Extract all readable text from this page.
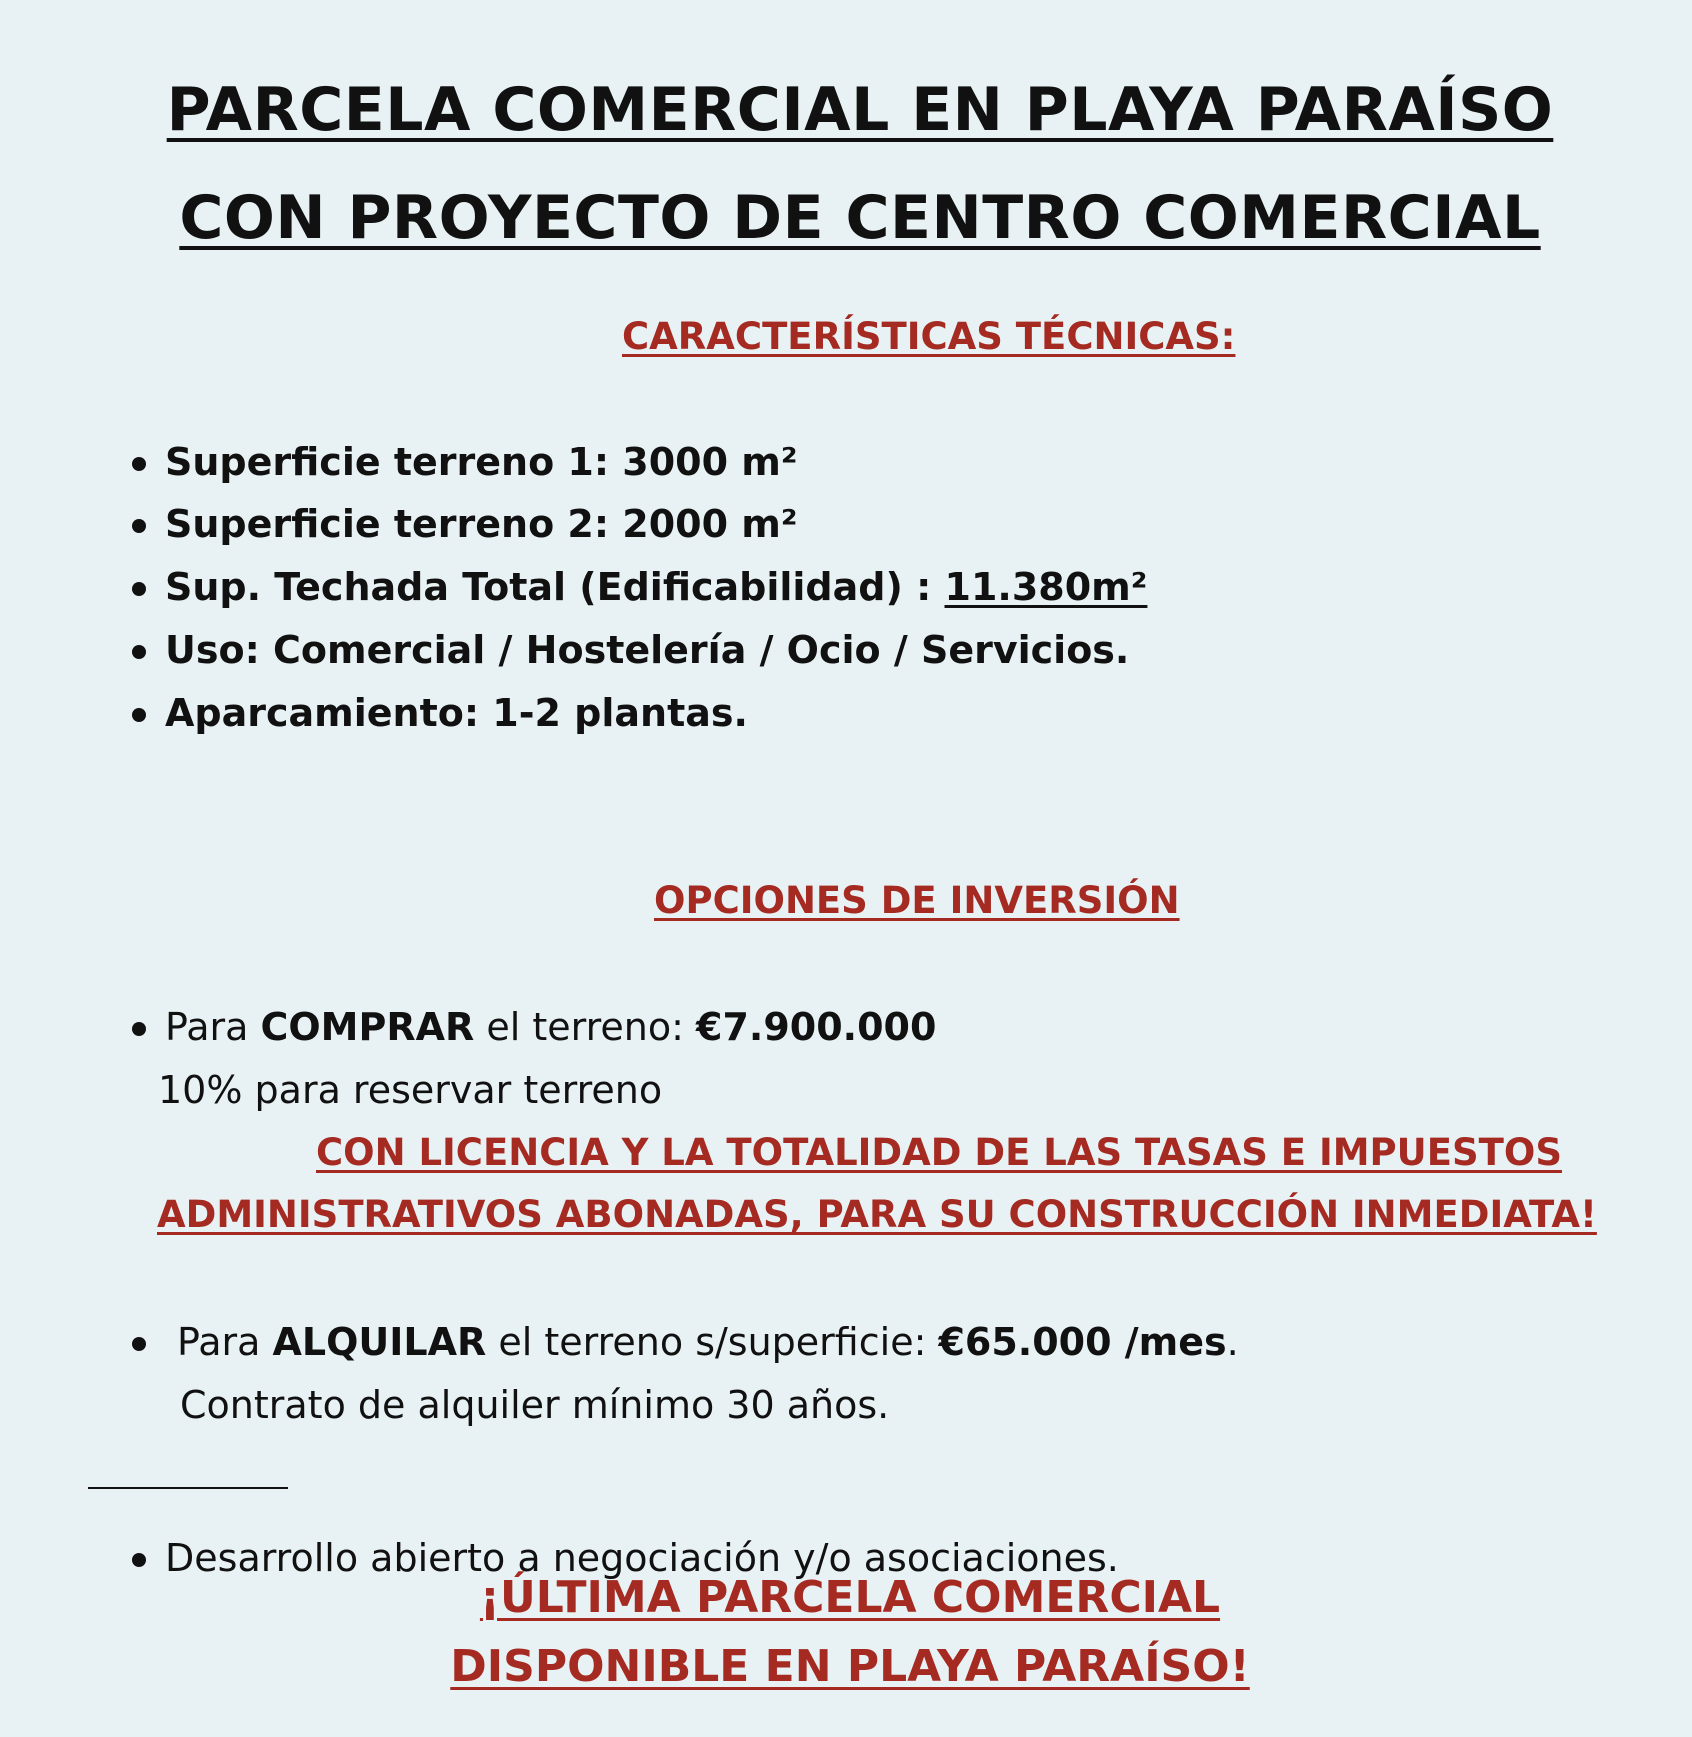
PARCELA COMERCIAL EN PLAYA PARAÍSO
CON PROYECTO DE CENTRO COMERCIAL
CARACTERÍSTICAS TÉCNICAS:
Superficie terreno 1: 3000 m²
Superficie terreno 2: 2000 m²
Sup. Techada Total (Edificabilidad) : 11.380m²
Uso: Comercial / Hostelería / Ocio / Servicios.
Aparcamiento: 1-2 plantas.
OPCIONES DE INVERSIÓN
Para COMPRAR el terreno: €7.900.000
10% para reservar terreno
CON LICENCIA Y LA TOTALIDAD DE LAS TASAS E IMPUESTOS
ADMINISTRATIVOS ABONADAS, PARA SU CONSTRUCCIÓN INMEDIATA!
Para ALQUILAR el terreno s/superficie: €65.000 /mes.
Contrato de alquiler mínimo 30 años.
Desarrollo abierto a negociación y/o asociaciones.
¡ÚLTIMA PARCELA COMERCIAL
DISPONIBLE EN PLAYA PARAÍSO!
